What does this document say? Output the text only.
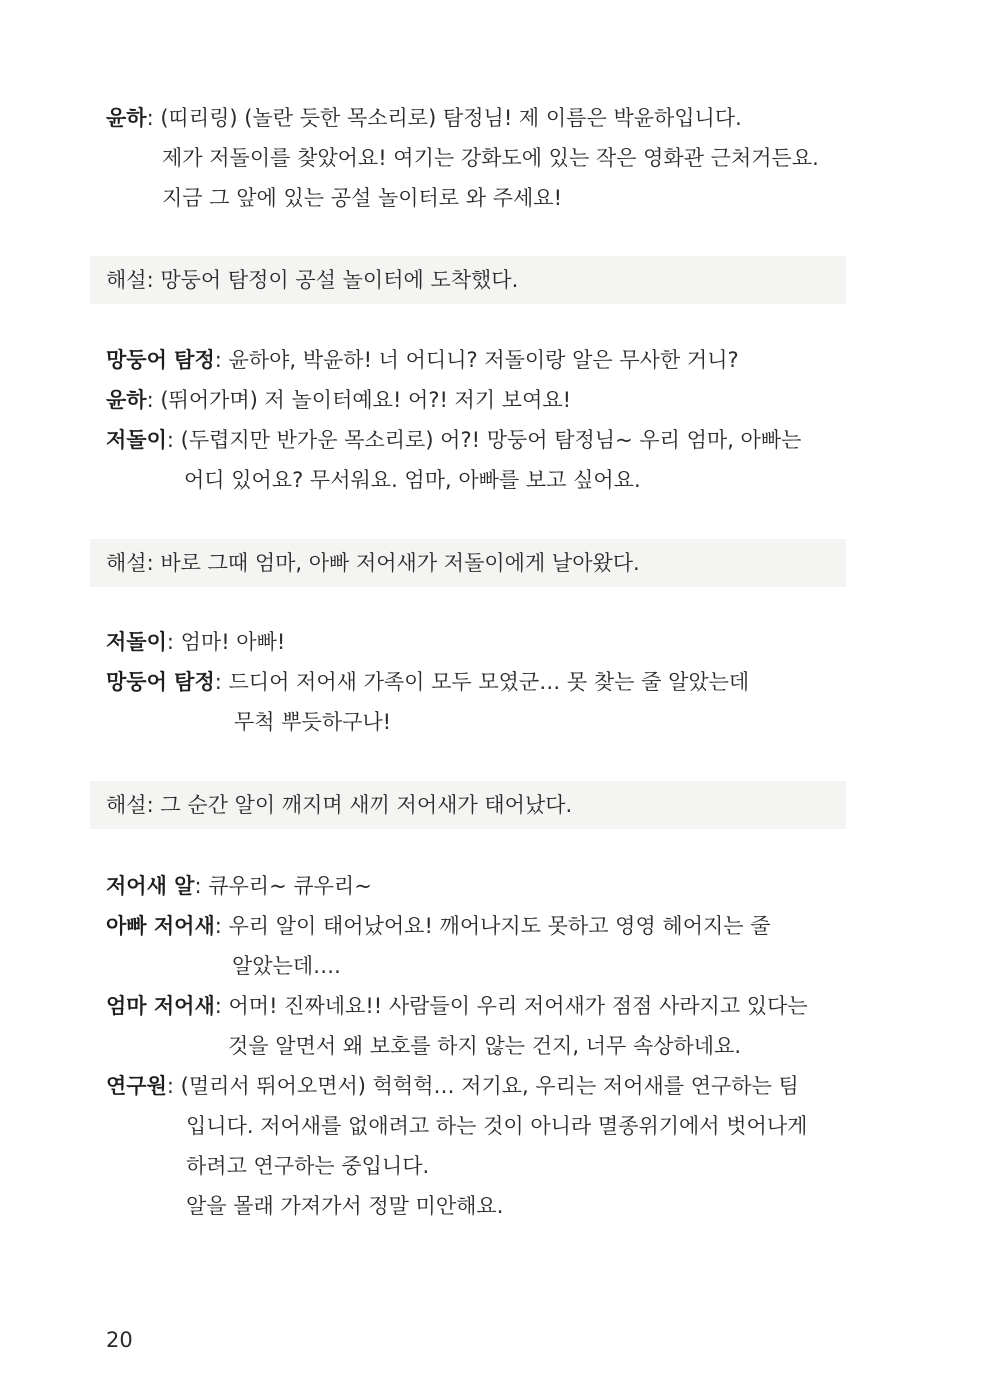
윤하: (띠리링) (놀란 듯한 목소리로) 탐정님! 제 이름은 박윤하입니다.
제가 저돌이를 찾았어요! 여기는 강화도에 있는 작은 영화관 근처거든요.
지금 그 앞에 있는 공설 놀이터로 와 주세요!
해설: 망둥어 탐정이 공설 놀이터에 도착했다.
망둥어 탐정: 윤하야, 박윤하! 너 어디니? 저돌이랑 알은 무사한 거니?
윤하: (뛰어가며) 저 놀이터예요! 어?! 저기 보여요!
저돌이: (두렵지만 반가운 목소리로) 어?! 망둥어 탐정님~ 우리 엄마, 아빠는
어디 있어요? 무서워요. 엄마, 아빠를 보고 싶어요.
해설: 바로 그때 엄마, 아빠 저어새가 저돌이에게 날아왔다.
저돌이: 엄마! 아빠!
망둥어 탐정: 드디어 저어새 가족이 모두 모였군… 못 찾는 줄 알았는데
무척 뿌듯하구나!
해설: 그 순간 알이 깨지며 새끼 저어새가 태어났다.
저어새 알: 큐우리~ 큐우리~
아빠 저어새: 우리 알이 태어났어요! 깨어나지도 못하고 영영 헤어지는 줄
알았는데….
엄마 저어새: 어머! 진짜네요!! 사람들이 우리 저어새가 점점 사라지고 있다는
것을 알면서 왜 보호를 하지 않는 건지, 너무 속상하네요.
연구원: (멀리서 뛰어오면서) 헉헉헉… 저기요, 우리는 저어새를 연구하는 팀
입니다. 저어새를 없애려고 하는 것이 아니라 멸종위기에서 벗어나게
하려고 연구하는 중입니다.
알을 몰래 가져가서 정말 미안해요.
20
